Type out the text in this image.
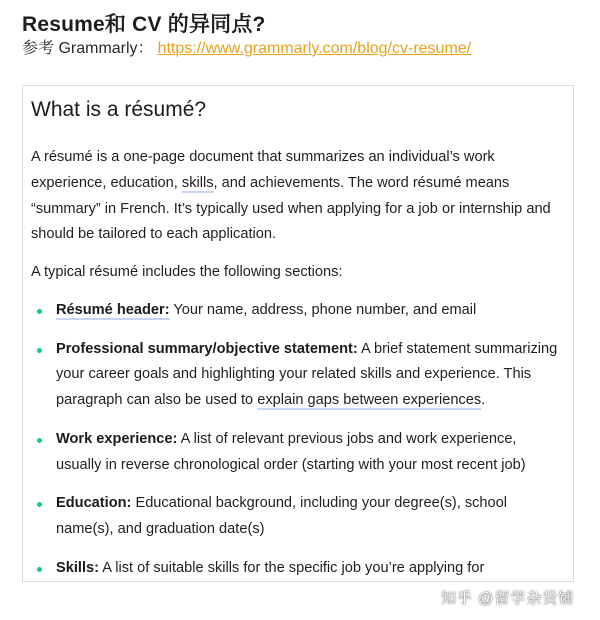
Resume和 CV 的异同点?
参考 Grammarly： https://www.grammarly.com/blog/cv-resume/
What is a résumé?

A résumé is a one-page document that summarizes an individual’s work experience, education, skills, and achievements. The word résumé means “summary” in French. It’s typically used when applying for a job or internship and should be tailored to each application.

A typical résumé includes the following sections:

Résumé header: Your name, address, phone number, and email
Professional summary/objective statement: A brief statement summarizing your career goals and highlighting your related skills and experience. This paragraph can also be used to explain gaps between experiences.
Work experience: A list of relevant previous jobs and work experience, usually in reverse chronological order (starting with your most recent job)
Education: Educational background, including your degree(s), school name(s), and graduation date(s)
Skills: A list of suitable skills for the specific job you’re applying for
知乎 @留学杂货铺
